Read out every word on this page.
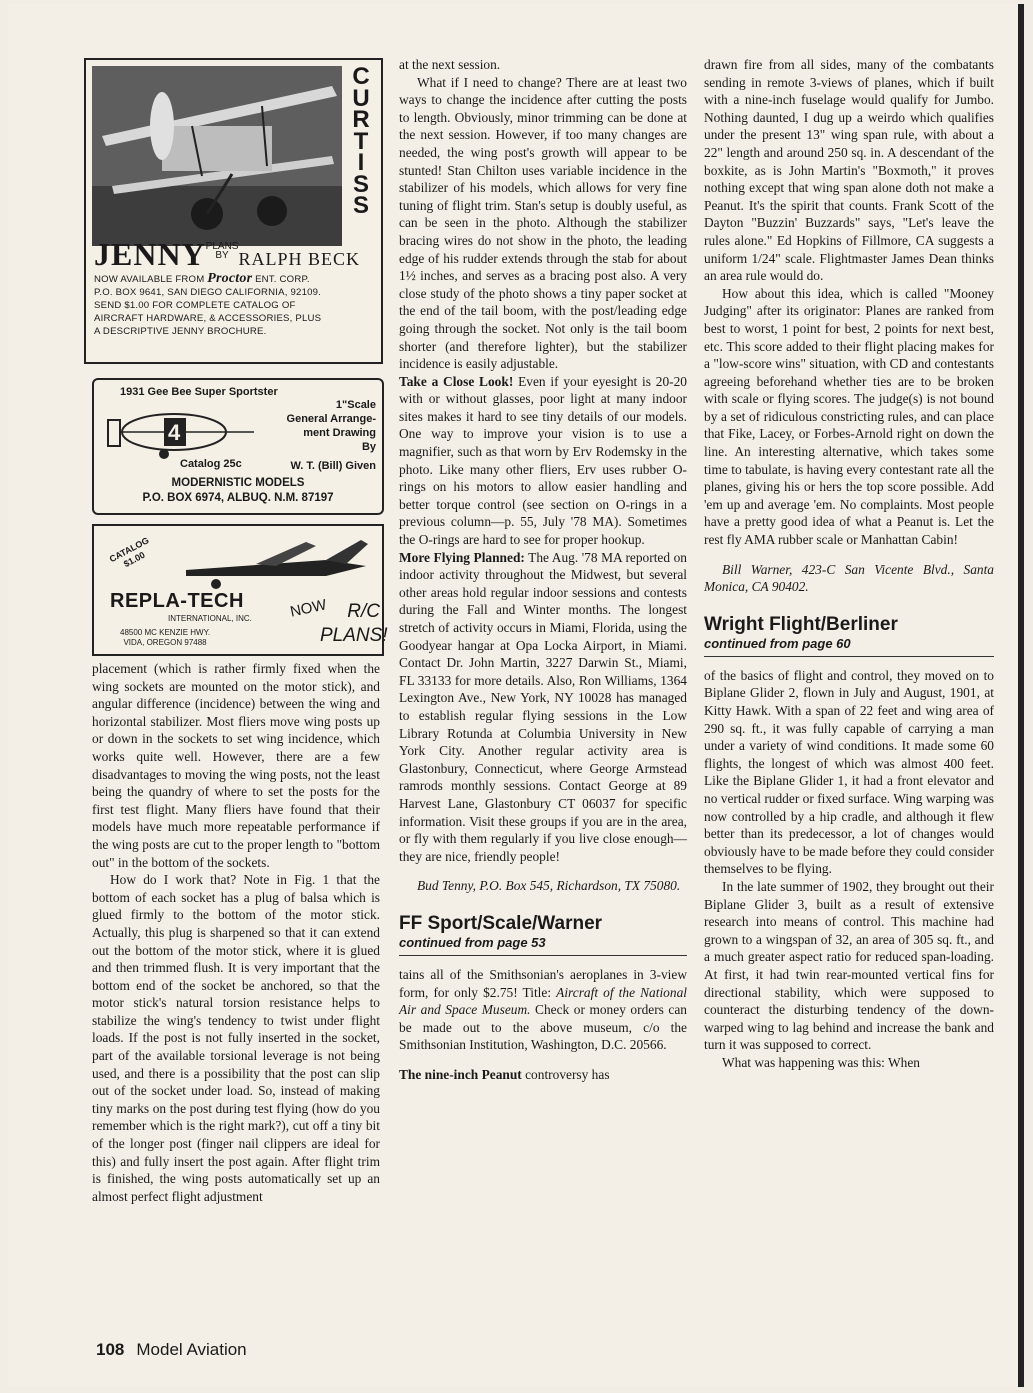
C
U
R
T
I
S
S
JENNYPLANS
BY RALPH BECK
NOW AVAILABLE FROM Proctor ENT. CORP.
P.O. BOX 9641, SAN DIEGO CALIFORNIA, 92109.
SEND $1.00 FOR COMPLETE CATALOG OF
AIRCRAFT HARDWARE, & ACCESSORIES, PLUS
A DESCRIPTIVE JENNY BROCHURE.
1931 Gee Bee Super Sportster
4
1"Scale
General Arrange-
ment Drawing
By
Catalog 25c	W. T. (Bill) Given
MODERNISTIC MODELS
P.O. BOX 6974, ALBUQ. N.M. 87197
CATALOG $1.00
REPLA-TECH
INTERNATIONAL, INC.
48500 MC KENZIE HWY.
VIDA, OREGON 97488
NOW	R/C
PLANS!

placement (which is rather firmly fixed when the wing sockets are mounted on the motor stick), and angular difference (incidence) between the wing and horizontal stabilizer. Most fliers move wing posts up or down in the sockets to set wing incidence, which works quite well. However, there are a few disadvantages to moving the wing posts, not the least being the quandry of where to set the posts for the first test flight. Many fliers have found that their models have much more repeatable performance if the wing posts are cut to the proper length to "bottom out" in the bottom of the sockets.

How do I work that? Note in Fig. 1 that the bottom of each socket has a plug of balsa which is glued firmly to the bottom of the motor stick. Actually, this plug is sharpened so that it can extend out the bottom of the motor stick, where it is glued and then trimmed flush. It is very important that the bottom end of the socket be anchored, so that the motor stick's natural torsion resistance helps to stabilize the wing's tendency to twist under flight loads. If the post is not fully inserted in the socket, part of the available torsional leverage is not being used, and there is a possibility that the post can slip out of the socket under load. So, instead of making tiny marks on the post during test flying (how do you remember which is the right mark?), cut off a tiny bit of the longer post (finger nail clippers are ideal for this) and fully insert the post again. After flight trim is finished, the wing posts automatically set up an almost perfect flight adjustment

at the next session.

What if I need to change? There are at least two ways to change the incidence after cutting the posts to length. Obviously, minor trimming can be done at the next session. However, if too many changes are needed, the wing post's growth will appear to be stunted! Stan Chilton uses variable incidence in the stabilizer of his models, which allows for very fine tuning of flight trim. Stan's setup is doubly useful, as can be seen in the photo. Although the stabilizer bracing wires do not show in the photo, the leading edge of his rudder extends through the stab for about 1½ inches, and serves as a bracing post also. A very close study of the photo shows a tiny paper socket at the end of the tail boom, with the post/leading edge going through the socket. Not only is the tail boom shorter (and therefore lighter), but the stabilizer incidence is easily adjustable.

Take a Close Look! Even if your eyesight is 20-20 with or without glasses, poor light at many indoor sites makes it hard to see tiny details of our models. One way to improve your vision is to use a magnifier, such as that worn by Erv Rodemsky in the photo. Like many other fliers, Erv uses rubber O-rings on his motors to allow easier handling and better torque control (see section on O-rings in a previous column—p. 55, July '78 MA). Sometimes the O-rings are hard to see for proper hookup.

More Flying Planned: The Aug. '78 MA reported on indoor activity throughout the Midwest, but several other areas hold regular indoor sessions and contests during the Fall and Winter months. The longest stretch of activity occurs in Miami, Florida, using the Goodyear hangar at Opa Locka Airport, in Miami. Contact Dr. John Martin, 3227 Darwin St., Miami, FL 33133 for more details. Also, Ron Williams, 1364 Lexington Ave., New York, NY 10028 has managed to establish regular flying sessions in the Low Library Rotunda at Columbia University in New York City. Another regular activity area is Glastonbury, Connecticut, where George Armstead ramrods monthly sessions. Contact George at 89 Harvest Lane, Glastonbury CT 06037 for specific information. Visit these groups if you are in the area, or fly with them regularly if you live close enough—they are nice, friendly people!

Bud Tenny, P.O. Box 545, Richardson, TX 75080.

FF Sport/Scale/Warner
continued from page 53

tains all of the Smithsonian's aeroplanes in 3-view form, for only $2.75! Title: Aircraft of the National Air and Space Museum. Check or money orders can be made out to the above museum, c/o the Smithsonian Institution, Washington, D.C. 20566.

The nine-inch Peanut controversy has

drawn fire from all sides, many of the combatants sending in remote 3-views of planes, which if built with a nine-inch fuselage would qualify for Jumbo. Nothing daunted, I dug up a weirdo which qualifies under the present 13" wing span rule, with about a 22" length and around 250 sq. in. A descendant of the boxkite, as is John Martin's "Boxmoth," it proves nothing except that wing span alone doth not make a Peanut. It's the spirit that counts. Frank Scott of the Dayton "Buzzin' Buzzards" says, "Let's leave the rules alone." Ed Hopkins of Fillmore, CA suggests a uniform 1/24" scale. Flightmaster James Dean thinks an area rule would do.

How about this idea, which is called "Mooney Judging" after its originator: Planes are ranked from best to worst, 1 point for best, 2 points for next best, etc. This score added to their flight placing makes for a "low-score wins" situation, with CD and contestants agreeing beforehand whether ties are to be broken with scale or flying scores. The judge(s) is not bound by a set of ridiculous constricting rules, and can place that Fike, Lacey, or Forbes-Arnold right on down the line. An interesting alternative, which takes some time to tabulate, is having every contestant rate all the planes, giving his or hers the top score possible. Add 'em up and average 'em. No complaints. Most people have a pretty good idea of what a Peanut is. Let the rest fly AMA rubber scale or Manhattan Cabin!

Bill Warner, 423-C San Vicente Blvd., Santa Monica, CA 90402.

Wright Flight/Berliner
continued from page 60

of the basics of flight and control, they moved on to Biplane Glider 2, flown in July and August, 1901, at Kitty Hawk. With a span of 22 feet and wing area of 290 sq. ft., it was fully capable of carrying a man under a variety of wind conditions. It made some 60 flights, the longest of which was almost 400 feet. Like the Biplane Glider 1, it had a front elevator and no vertical rudder or fixed surface. Wing warping was now controlled by a hip cradle, and although it flew better than its predecessor, a lot of changes would obviously have to be made before they could consider themselves to be flying.

In the late summer of 1902, they brought out their Biplane Glider 3, built as a result of extensive research into means of control. This machine had grown to a wingspan of 32, an area of 305 sq. ft., and a much greater aspect ratio for reduced span-loading. At first, it had twin rear-mounted vertical fins for directional stability, which were supposed to counteract the disturbing tendency of the down-warped wing to lag behind and increase the bank and turn it was supposed to correct.

What was happening was this: When

108 Model Aviation
